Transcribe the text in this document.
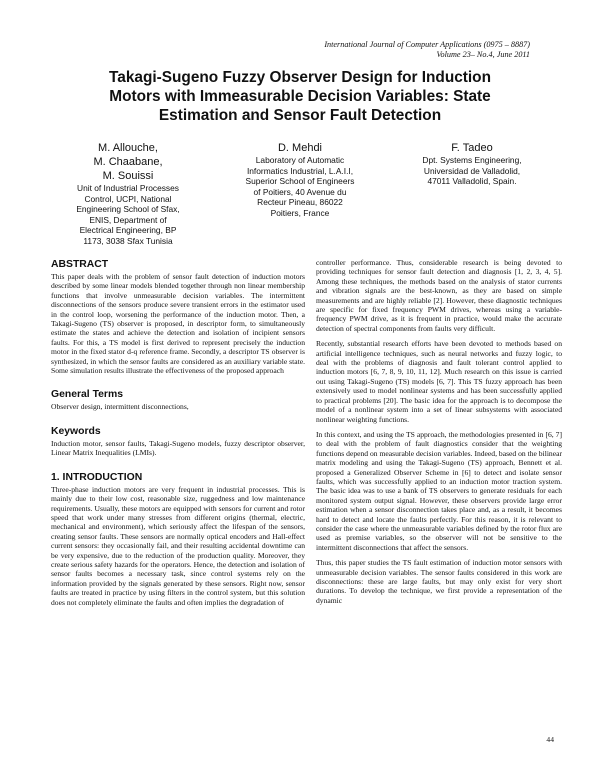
International Journal of Computer Applications (0975 – 8887)
Volume 23– No.4, June 2011
Takagi-Sugeno Fuzzy Observer Design for Induction
Motors with Immeasurable Decision Variables: State
Estimation and Sensor Fault Detection
M. Allouche,
M. Chaabane,
M. Souissi
Unit of Industrial Processes
Control, UCPI, National
Engineering School of Sfax,
ENIS, Department of
Electrical Engineering, BP
1173, 3038 Sfax Tunisia
D. Mehdi
Laboratory of Automatic
Informatics Industrial, L.A.I.I,
Superior School of Engineers
of Poitiers, 40 Avenue du
Recteur Pineau, 86022
Poitiers, France
F. Tadeo
Dpt. Systems Engineering,
Universidad de Valladolid,
47011 Valladolid, Spain.
ABSTRACT

This paper deals with the problem of sensor fault detection of induction motors described by some linear models blended together through non linear membership functions that involve unmeasurable decision variables. The intermittent disconnections of the sensors produce severe transient errors in the estimator used in the control loop, worsening the performance of the induction motor. Then, a Takagi-Sugeno (TS) observer is proposed, in descriptor form, to simultaneously estimate the states and achieve the detection and isolation of incipient sensors faults. For this, a TS model is first derived to represent precisely the induction motor in the fixed stator d-q reference frame. Secondly, a descriptor TS observer is synthesized, in which the sensor faults are considered as an auxiliary variable state. Some simulation results illustrate the effectiveness of the proposed approach

General Terms

Observer design, intermittent disconnections,

Keywords

Induction motor, sensor faults, Takagi-Sugeno models, fuzzy descriptor observer, Linear Matrix Inequalities (LMIs).

1. INTRODUCTION

Three-phase induction motors are very frequent in industrial processes. This is mainly due to their low cost, reasonable size, ruggedness and low maintenance requirements. Usually, these motors are equipped with sensors for current and rotor speed that work under many stresses from different origins (thermal, electric, mechanical and environment), which seriously affect the lifespan of the sensors, creating sensor faults. These sensors are normally optical encoders and Hall-effect current sensors: they occasionally fail, and their resulting accidental downtime can be very expensive, due to the reduction of the production quality. Moreover, they create serious safety hazards for the operators. Hence, the detection and isolation of sensor faults becomes a necessary task, since control systems rely on the information provided by the signals generated by these sensors. Right now, sensor faults are treated in practice by using filters in the control system, but this solution does not completely eliminate the faults and often implies the degradation of

controller performance. Thus, considerable research is being devoted to providing techniques for sensor fault detection and diagnosis [1, 2, 3, 4, 5]. Among these techniques, the methods based on the analysis of stator currents and vibration signals are the best-known, as they are based on simple measurements and are highly reliable [2]. However, these diagnostic techniques are specific for fixed frequency PWM drives, whereas using a variable-frequency PWM drive, as it is frequent in practice, would make the accurate detection of spectral components from faults very difficult.

Recently, substantial research efforts have been devoted to methods based on artificial intelligence techniques, such as neural networks and fuzzy logic, to deal with the problems of diagnosis and fault tolerant control applied to induction motors [6, 7, 8, 9, 10, 11, 12]. Much research on this issue is carried out using Takagi-Sugeno (TS) models [6, 7]. This TS fuzzy approach has been extensively used to model nonlinear systems and has been successfully applied to practical problems [20]. The basic idea for the approach is to decompose the model of a nonlinear system into a set of linear subsystems with associated nonlinear weighting functions.

In this context, and using the TS approach, the methodologies presented in [6, 7] to deal with the problem of fault diagnostics consider that the weighting functions depend on measurable decision variables. Indeed, based on the bilinear matrix modeling and using the Takagi-Sugeno (TS) approach, Bennett et al. proposed a Generalized Observer Scheme in [6] to detect and isolate sensor faults, which was successfully applied to an induction motor traction system. The basic idea was to use a bank of TS observers to generate residuals for each monitored system output signal. However, these observers provide large error estimation when a sensor disconnection takes place and, as a result, it becomes hard to detect and locate the faults perfectly. For this reason, it is relevant to consider the case where the unmeasurable variables defined by the rotor flux are used as premise variables, so the observer will not be sensitive to the intermittent disconnections that affect the sensors.

Thus, this paper studies the TS fault estimation of induction motor sensors with unmeasurable decision variables. The sensor faults considered in this work are disconnections: these are large faults, but may only exist for very short durations. To develop the technique, we first provide a representation of the dynamic

44
